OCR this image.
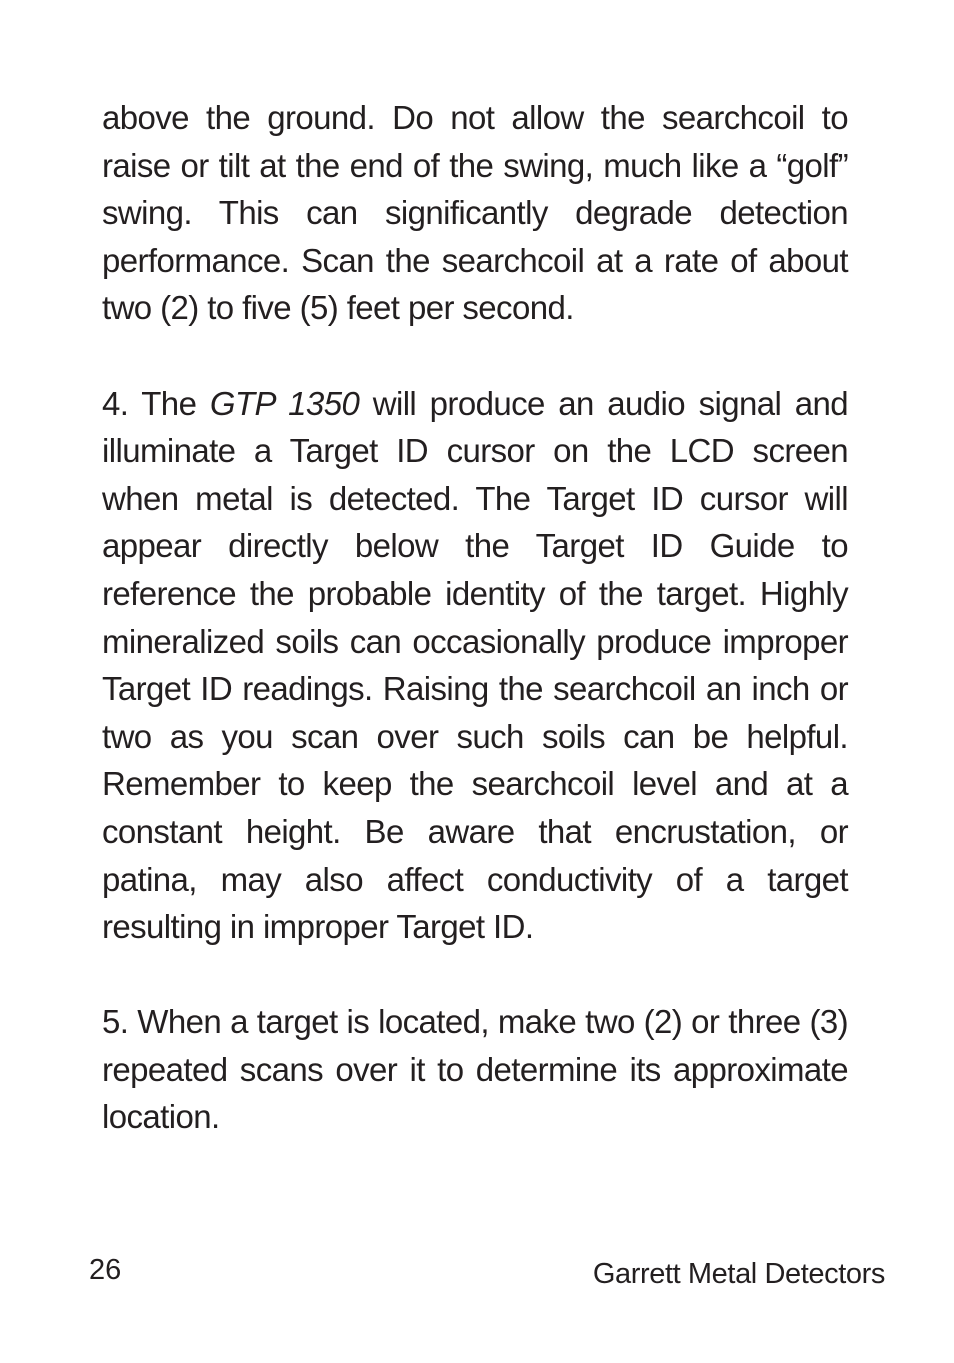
above the ground. Do not allow the searchcoil to raise or tilt at the end of the swing, much like a “golf” swing. This can significantly degrade detection performance. Scan the searchcoil at a rate of about two (2) to five (5) feet per second.

4. The GTP 1350 will produce an audio signal and illuminate a Target ID cursor on the LCD screen when metal is detected. The Target ID cursor will appear directly below the Target ID Guide to reference the probable identity of the target. Highly mineralized soils can occasionally produce improper Target ID readings. Raising the searchcoil an inch or two as you scan over such soils can be helpful. Remember to keep the searchcoil level and at a constant height. Be aware that encrustation, or patina, may also affect conductivity of a target resulting in improper Target ID.

5. When a target is located, make two (2) or three (3) repeated scans over it to determine its approximate location.

26	Garrett Metal Detectors
